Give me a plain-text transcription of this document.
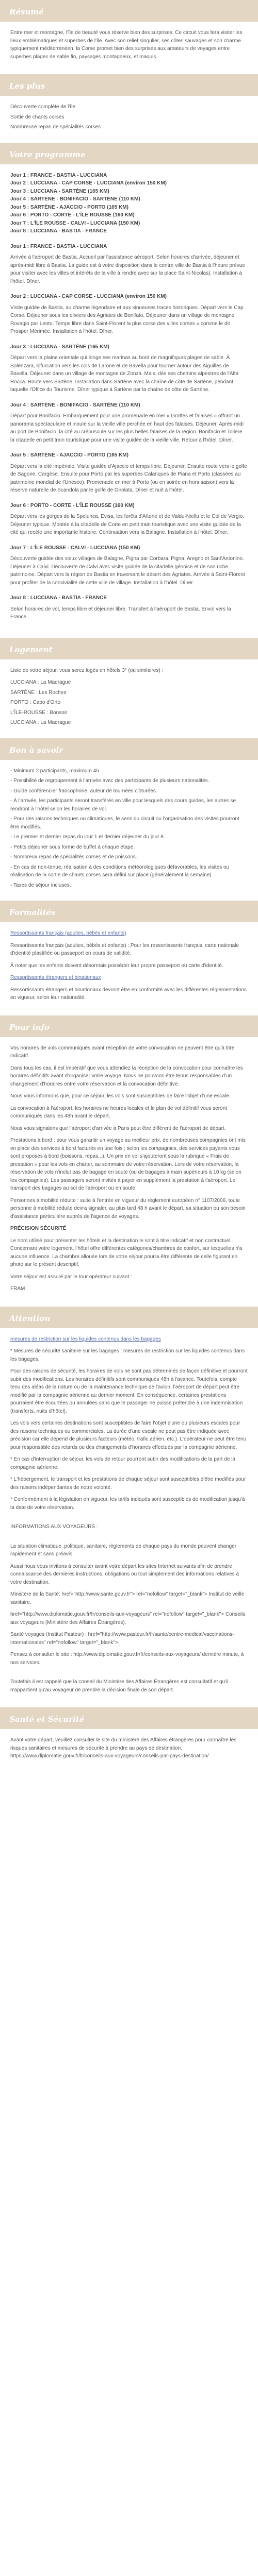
Résumé

Entre mer et montagne, l'île de beauté vous réserve bien des surprises. Ce circuit vous fera visiter les lieux emblématiques et superbes de l'île. Avec son relief singulier, ses côtes sauvages et son charme typiquement méditerranéen, la Corse promet bien des surprises aux amateurs de voyages entre superbes plages de sable fin, paysages montagneux, et maquis.

Les plus

Découverte complète de l'île

Sortie de chants corses

Nombreuse repas de spécialités corses

Votre programme
Jour 1 : FRANCE - BASTIA - LUCCIANA
Jour 2 : LUCCIANA - CAP CORSE - LUCCIANA (environ 150 KM)
Jour 3 : LUCCIANA - SARTÈNE (165 KM)
Jour 4 : SARTÈNE - BONIFACIO - SARTÈNE (110 KM)
Jour 5 : SARTÈNE - AJACCIO - PORTO (165 KM)
Jour 6 : PORTO - CORTE - L'ÎLE ROUSSE (160 KM)
Jour 7 : L'ÎLE ROUSSE - CALVI - LUCCIANA (150 KM)
Jour 8 : LUCCIANA - BASTIA - FRANCE
Jour 1 : FRANCE - BASTIA - LUCCIANA

Arrivée à l'aéroport de Bastia. Accueil par l'assistance aéroport. Selon horaires d'arrivée, déjeuner et après-midi libre à Bastia. La guide est à votre disposition dans le centre ville de Bastia à l'heure prévue pour visiter avec les villes et intérêts de la ville à rendre avec sur la place Saint-Nicolas). Installation à l'hôtel. Dîner.

Jour 2 : LUCCIANA - CAP CORSE - LUCCIANA (environ 150 KM)

Visite guidée de Bastia, au charme légendaire et aux sinueuses traces historiques. Départ vers le Cap Corse. Déjeuner sous les oliviers des Agriates de Bonifato. Déjeuner dans un village de montagne Rovagio par Lento. Temps libre dans Saint-Florent la plus corse des villes corses « comme le dit Prosper Mérimée. Installation à l'hôtel. Dîner.

Jour 3 : LUCCIANA - SARTÈNE (165 KM)

Départ vers la plaine orientale qui longe ses marinas au bord de magnifiques plages de sable. À Solenzara, bifurcation vers les cols de Larone et de Bavella pour tourner autour des Aiguilles de Bavella. Déjeuner dans un village de montagne de Zonza. Mais, dès ses chemins alpestres de l'Alta Rocca. Route vers Sartène. Installation dans Sartène avec la chaîne de côte de Sartène, pendant laquelle l'Office du Tourisme. Dîner typique à Sartène par la chaîne de côte de Sartène.

Jour 4 : SARTÈNE - BONIFACIO - SARTÈNE (110 KM)

Départ pour Bonifacio. Embarquement pour une promenade en mer « Grottes et falaises » offrant un panorama spectaculaire et inouïe sur la vieille ville perchée en haut des falaises. Déjeuner. Après-midi au port de Bonifacio, la cité au crépuscule sur les plus belles falaises de la région. Bonifacio et Tollere la citadelle en petit train touristique pour une visite guidée de la vieille ville. Retour à l'hôtel. Dîner.

Jour 5 : SARTÈNE - AJACCIO - PORTO (165 KM)

Départ vers la cité impériale. Visite guidée d'Ajaccio et temps libre. Déjeuner. Ensuite route vers le golfe de Sagone, Cargèse. Ensuite pour Porto par les superbes Calanques de Piana et Porto (classées au patrimoine mondial de l'Unesco). Promenade en mer à Porto (ou en soirée en hors saison) vers la réserve naturelle de Scandola par le golfe de Girolata. Dîner et nuit à l'hôtel.

Jour 6 : PORTO - CORTE - L'ÎLE ROUSSE (160 KM)

Départ vers les gorges de la Spelunca, Evisa, les forêts d'Aïtone et de Valdu-Niellu et le Col de Vergio. Déjeuner typique. Montée à la citadelle de Corte en petit train touristique avec une visite guidée de la cité qui recèle une importante histoire. Continuation vers la Balagne. Installation à l'hôtel. Dîner.

Jour 7 : L'ÎLE ROUSSE - CALVI - LUCCIANA (150 KM)

Découverte guidée des vieux villages de Balagne, Pigna par Corbara, Pigna, Aregno et Sant'Antonino. Déjeuner à Calvi. Découverte de Calvi avec visite guidée de la citadelle génoise et de son riche patrimoine. Départ vers la région de Bastia en traversant le désert des Agriates. Arrivée à Saint-Florent pour profiter de la convivialité de cette ville de village. Installation à l'hôtel. Dîner.

Jour 8 : LUCCIANA - BASTIA - FRANCE

Selon horaires de vol, temps libre et déjeuner libre. Transfert à l'aéroport de Bastia. Envol vers la France.

Logement

Liste de votre séjour, vous serez logés en hôtels 3* (ou similaires) :

LUCCIANA : La Madrague

SARTÈNE : Les Roches

PORTO : Capo d'Orto

L'ÎLE-ROUSSE : Bonsoir

LUCCIANA : La Madrague

Bon à savoir

- Minimum 2 participants, maximum 45.

- Possibilité de regroupement à l'arrivée avec des participants de plusieurs nationalités.

- Guide conférencier francophone, auteur de tournées clôturées.

- À l'arrivée, les participants seront transférés en ville pour lesquels des cours guides, les autres se rendront à l'hôtel selon les horaires de vol.

- Pour des raisons techniques ou climatiques, le sens du circuit ou l'organisation des visites pourront être modifiés.

- Le premier et dernier repas du jour 1 et dernier déjeuner du jour 8.

- Petits déjeuner sous forme de buffet à chaque étape.

- Nombreux repas de spécialités corses et de poissons.

- En cas de non-tenue, réalisation à des conditions météorologiques défavorables, les visites ou réalisation de la sortie de chants corses sera défini sur place (généralement la semaine).

- Taxes de séjour incluses.

Formalités

Ressortissants français (adultes, bébés et enfants)

Ressortissants français (adultes, bébés et enfants) : Pour les ressortissants français, carte nationale d'identité plastifiée ou passeport en cours de validité.

À noter que les enfants doivent désormais posséder leur propre passeport ou carte d'identité.

Ressortissants étrangers et binationaux

Ressortissants étrangers et binationaux devront être en conformité avec les différentes réglementations en vigueur, selon leur nationalité.

Pour info

Vos horaires de vols communiqués avant réception de votre convocation ne peuvent être qu'à titre indicatif.

Dans tous les cas, il est impératif que vous attendiez la réception de la convocation pour connaître les horaires définitifs avant d'organiser votre voyage. Nous ne pouvons être tenus responsables d'un changement d'horaires entre votre réservation et la convocation définitive.

Nous vous informons que, pour ce séjour, les vols sont susceptibles de faire l'objet d'une escale.

La convocation à l'aéroport, les horaires ne heures locales et le plan de vol définitif vous seront communiqués dans les 48h avant le départ.

Nous vous signalons que l'aéroport d'arrivée à Paris peut être différent de l'aéroport de départ.

Prestations à bord : pour vous garantir un voyage au meilleur prix, de nombreuses compagnies ont mis en place des services à bord facturés en une fois ; selon les compagnies, des services payants vous sont proposés à bord (boissons, repas...). Un prix en vol s'ajouteront sous la rubrique « Frais de prestation » pour les vols en charter, au sommaire de votre réservation. Lors de votre réservation, la réservation de vols n'inclut pas de bagage en soute (ou de bagages à main supérieurs à 10 kg (selon les compagnies). Les passagers seront invités à payer en supplément la prestation à l'aéroport. Le transport des bagages au sol de l'aéroport ou en soute.

Personnes à mobilité réduite : suite à l'entrée en vigueur du règlement européen n° 1107/2006, toute personne à mobilité réduite devra signaler, au plus tard 48 h avant le départ, sa situation ou son besoin d'assistance particulière auprès de l'agence de voyages.

PRÉCISION SÉCURITÉ

Le nom utilisé pour présenter les hôtels et la destination le sont à titre indicatif et non contractuel. Concernant votre logement, l'hôtel offre différentes catégories/chambres de confort, sur lesquelles n'a aucune influence. La chambre allouée lors de votre séjour pourra être différente de celle figurant en photo sur le présent descriptif.

Votre séjour est assuré par le tour opérateur suivant :

FRAM

Attention

mesures de restriction sur les liquides contenus dans les bagages

* Mesures de sécurité sanitaire sur les bagages : mesures de restriction sur les liquides contenus dans les bagages.

Pour des raisons de sécurité, les horaires de vols ne sont pas déterminés de façon définitive et pourront subir des modifications. Les horaires définitifs sont communiqués 48h à l'avance. Toutefois, compte tenu des aléas de la nature ou de la maintenance technique de l'avion, l'aéroport de départ peut être modifié par la compagnie aérienne au dernier moment. En conséquence, certaines prestations pourraient être écourtées ou annulées sans que le passager ne puisse prétendre à une indemnisation (transferts, nuits d'hôtel).

Les vols vers certaines destinations sont susceptibles de faire l'objet d'une ou plusieurs escales pour des raisons techniques ou commerciales. La durée d'une escale ne peut pas être indiquée avec précision car elle dépend de plusieurs facteurs (météo, trafic aérien, etc.). L'opérateur ne peut être tenu pour responsable des retards ou des changements d'horaires effectués par la compagnie aérienne.

* En cas d'interruption de séjour, les vols de retour pourront subir des modifications de la part de la compagnie aérienne.

* L'hébergement, le transport et les prestations de chaque séjour sont susceptibles d'être modifiés pour des raisons indépendantes de notre volonté.

* Conformément à la législation en vigueur, les tarifs indiqués sont susceptibles de modification jusqu'à la date de votre réservation.

INFORMATIONS AUX VOYAGEURS :

La situation climatique, politique, sanitaire, règlements de chaque pays du monde peuvent changer rapidement et sans préavis.

Aussi nous vous invitons à consulter avant votre départ les sites Internet suivants afin de prendre connaissance des dernières instructions, obligations ou tout simplement des informations relatives à votre destination.

Ministère de la Santé: href="http://www.sante.gouv.fr"> rel="nofollow" target="_blank"> Institut de veille sanitaire.

href="http://www.diplomatie.gouv.fr/fr/conseils-aux-voyageurs" rel="nofollow" target="_blank"> Conseils aux voyageurs (Ministère des Affaires Étrangères).

Santé voyages (Institut Pasteur) : href="http://www.pasteur.fr/fr/sante/centre-medical/vaccinations-internationales" rel="nofollow" target="_blank">.

Pensez à consulter le site : http://www.diplomatie.gouv.fr/fr/conseils-aux-voyageurs/ dernière minute, à nos services.

Toutefois il est rappelé que la conseil du Ministère des Affaires Étrangères est consultatif et qu'il n'appartient qu'au voyageur de prendre la décision finale de son départ.

Santé et Sécurité

Avant votre départ, veuillez consulter le site du ministère des Affaires étrangères pour connaître les risques sanitaires et mesures de sécurité à prendre au pays de destination. https://www.diplomatie.gouv.fr/fr/conseils-aux-voyageurs/conseils-par-pays-destination/
